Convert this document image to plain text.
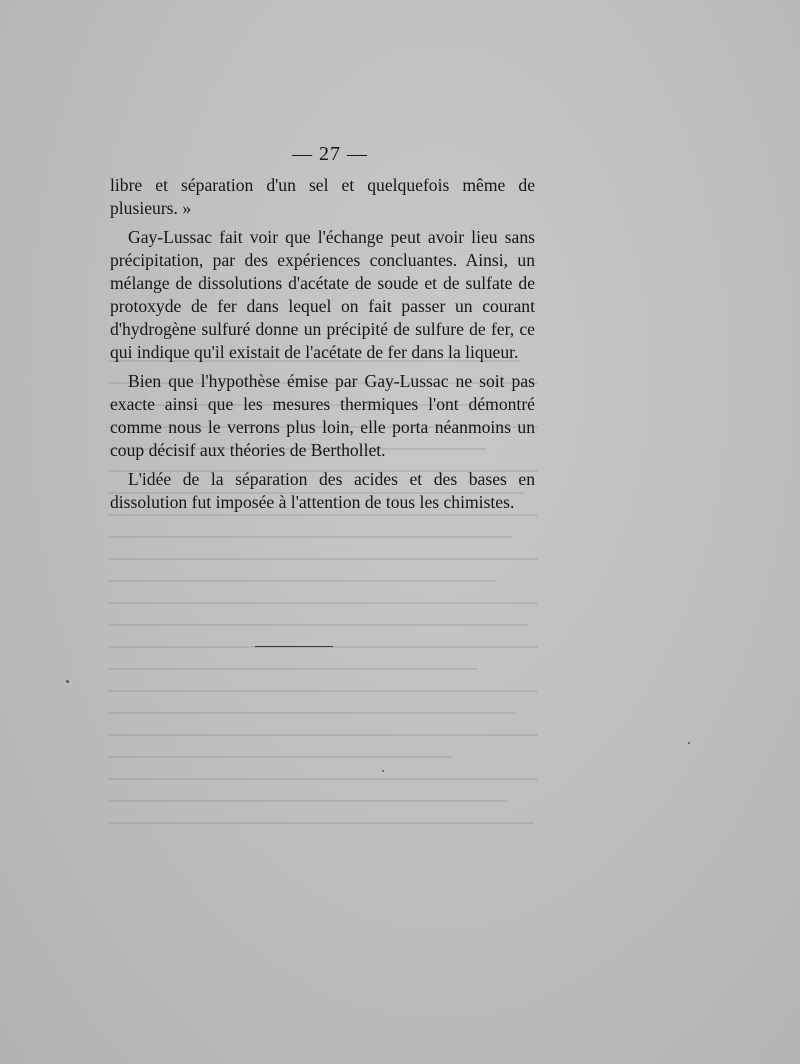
— 27 —

libre et séparation d'un sel et quelquefois même de plusieurs. »

Gay-Lussac fait voir que l'échange peut avoir lieu sans précipitation, par des expériences concluantes. Ainsi, un mélange de dissolutions d'acétate de soude et de sulfate de protoxyde de fer dans lequel on fait passer un courant d'hydrogène sulfuré donne un précipité de sulfure de fer, ce qui indique qu'il existait de l'acétate de fer dans la liqueur.

Bien que l'hypothèse émise par Gay-Lussac ne soit pas exacte ainsi que les mesures thermiques l'ont démontré comme nous le verrons plus loin, elle porta néanmoins un coup décisif aux théories de Berthollet.

L'idée de la séparation des acides et des bases en dissolution fut imposée à l'attention de tous les chimistes.
